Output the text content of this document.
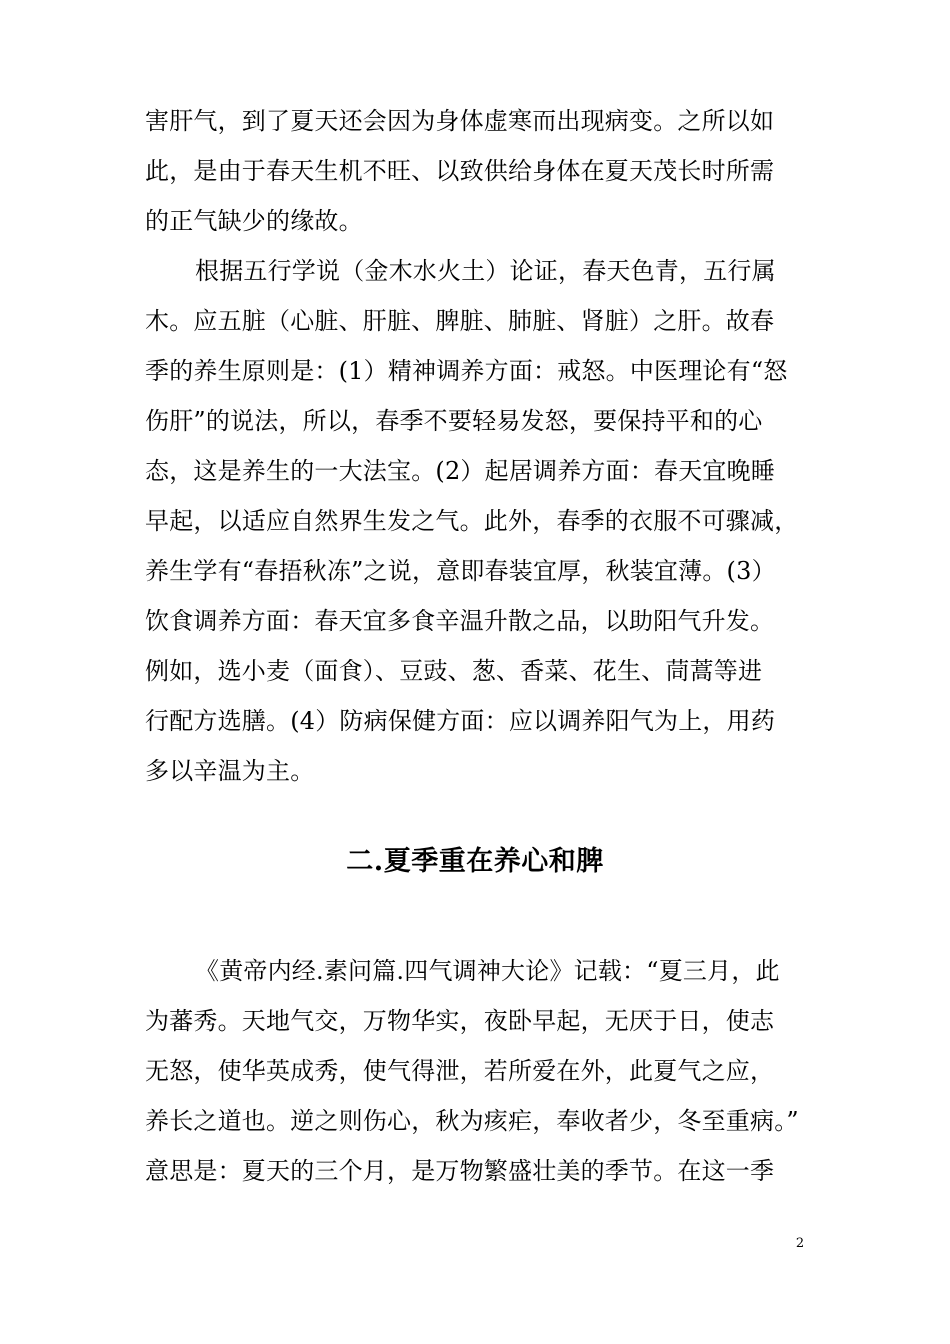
害肝气，到了夏天还会因为身体虚寒而出现病变。之所以如
此，是由于春天生机不旺、以致供给身体在夏天茂长时所需
的正气缺少的缘故。
根据五行学说（金木水火土）论证，春天色青，五行属
木。应五脏（心脏、肝脏、脾脏、肺脏、肾脏）之肝。故春
季的养生原则是：(1）精神调养方面：戒怒。中医理论有“怒
伤肝”的说法，所以，春季不要轻易发怒，要保持平和的心
态，这是养生的一大法宝。(2）起居调养方面：春天宜晚睡
早起，以适应自然界生发之气。此外，春季的衣服不可骤减，
养生学有“春捂秋冻”之说，意即春装宜厚，秋装宜薄。(3）
饮食调养方面：春天宜多食辛温升散之品，以助阳气升发。
例如，选小麦（面食）、豆豉、葱、香菜、花生、茼蒿等进
行配方选膳。(4）防病保健方面：应以调养阳气为上，用药
多以辛温为主。
二.夏季重在养心和脾
《黄帝内经.素问篇.四气调神大论》记载：“夏三月，此
为蕃秀。天地气交，万物华实，夜卧早起，无厌于日，使志
无怒，使华英成秀，使气得泄，若所爱在外，此夏气之应，
养长之道也。逆之则伤心，秋为痎疟，奉收者少，冬至重病。”
意思是：夏天的三个月，是万物繁盛壮美的季节。在这一季
2
